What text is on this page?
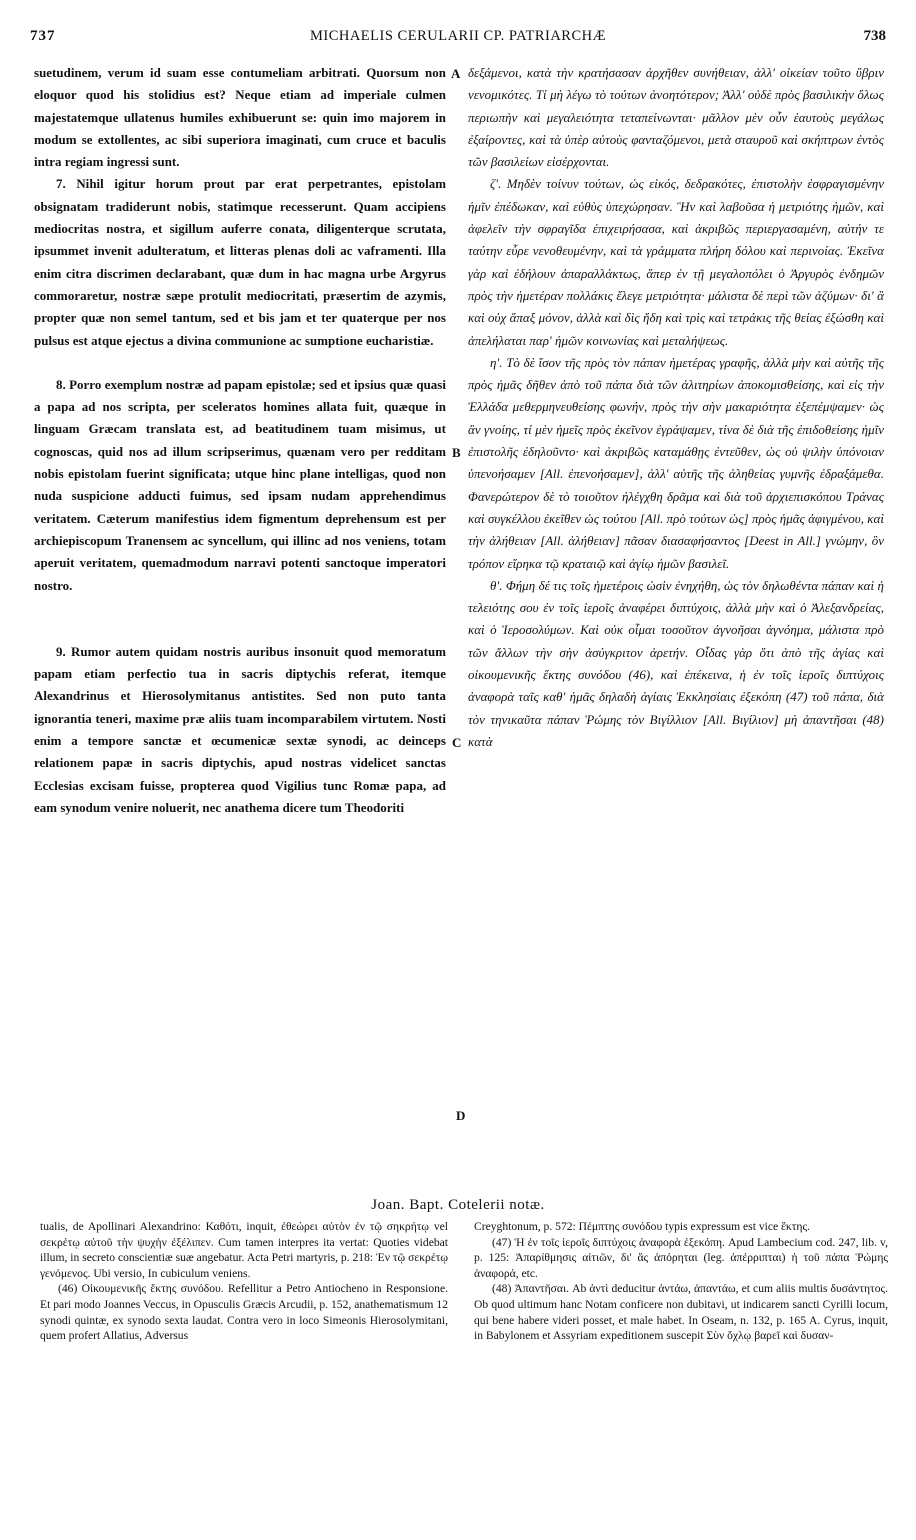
737	MICHAELIS CERULARII CP. PATRIARCHÆ	738

suetudinem, verum id suam esse contumeliam arbitrati. Quorsum non eloquor quod his stolidius est? Neque etiam ad imperiale culmen majestatemque ullatenus humiles exhibuerunt se: quin imo majorem in modum se extollentes, ac sibi superiora imaginati, cum cruce et baculis intra regiam ingressi sunt.

7. Nihil igitur horum prout par erat perpetrantes, epistolam obsignatam tradiderunt nobis, statimque recesserunt. Quam accipiens mediocritas nostra, et sigillum auferre conata, diligenterque scrutata, ipsummet invenit adulteratum, et litteras plenas doli ac vaframenti. Illa enim citra discrimen declarabant, quæ dum in hac magna urbe Argyrus commoraretur, nostræ sæpe protulit mediocritati, præsertim de azymis, propter quæ non semel tantum, sed et bis jam et ter quaterque per nos pulsus est atque ejectus a divina communione ac sumptione eucharistiæ.

8. Porro exemplum nostræ ad papam epistolæ; sed et ipsius quæ quasi a papa ad nos scripta, per sceleratos homines allata fuit, quæque in linguam Græcam translata est, ad beatitudinem tuam misimus, ut cognoscas, quid nos ad illum scripserimus, quænam vero per redditam nobis epistolam fuerint significata; utque hinc plane intelligas, quod non nuda suspicione adducti fuimus, sed ipsam nudam apprehendimus veritatem. Cæterum manifestius idem figmentum deprehensum est per archiepiscopum Tranensem ac syncellum, qui illinc ad nos veniens, totam aperuit veritatem, quemadmodum narravi potenti sanctoque imperatori nostro.

9. Rumor autem quidam nostris auribus insonuit quod memoratum papam etiam perfectio tua in sacris diptychis referat, itemque Alexandrinus et Hierosolymitanus antistites. Sed non puto tanta ignorantia teneri, maxime præ aliis tuam incomparabilem virtutem. Nosti enim a tempore sanctæ et œcumenicæ sextæ synodi, ac deinceps relationem papæ in sacris diptychis, apud nostras videlicet sanctas Ecclesias excisam fuisse, propterea quod Vigilius tunc Romæ papa, ad eam synodum venire noluerit, nec anathema dicere tum Theodoriti

A
B
C
D

δεξάμενοι, κατὰ τὴν κρατήσασαν ἀρχῆθεν συνήθειαν, ἀλλ' οἰκείαν τοῦτο ὕβριν νενομικότες. Τί μὴ λέγω τὸ τούτων ἀνοητότερον; Ἀλλ' οὐδὲ πρὸς βασιλικὴν ὅλως περιωπὴν καὶ μεγαλειότητα τεταπείνωνται· μᾶλλον μὲν οὖν ἑαυτοὺς μεγάλως ἐξαίροντες, καὶ τὰ ὑπὲρ αὐτοὺς φανταζόμενοι, μετὰ σταυροῦ καὶ σκήπτρων ἐντὸς τῶν βασιλείων εἰσέρχονται.

ζ'. Μηδὲν τοίνυν τούτων, ὡς εἰκός, δεδρακότες, ἐπιστολὴν ἐσφραγισμένην ἡμῖν ἐπέδωκαν, καὶ εὐθὺς ὑπεχώρησαν. Ἣν καὶ λαβοῦσα ἡ μετριότης ἡμῶν, καὶ ἀφελεῖν τὴν σφραγῖδα ἐπιχειρήσασα, καὶ ἀκριβῶς περιεργασαμένη, αὐτήν τε ταύτην εὗρε νενοθευμένην, καὶ τὰ γράμματα πλήρη δόλου καὶ περινοίας. Ἐκεῖνα γὰρ καὶ ἐδήλουν ἀπαραλλάκτως, ἅπερ ἐν τῇ μεγαλοπόλει ὁ Ἀργυρὸς ἐνδημῶν πρὸς τὴν ἡμετέραν πολλάκις ἔλεγε μετριότητα· μάλιστα δὲ περὶ τῶν ἀζύμων· δι' ἃ καὶ οὐχ ἅπαξ μόνον, ἀλλὰ καὶ δὶς ἤδη καὶ τρὶς καὶ τετράκις τῆς θείας ἐξώσθη καὶ ἀπελήλαται παρ' ἡμῶν κοινωνίας καὶ μεταλήψεως.

η'. Τὸ δὲ ἴσον τῆς πρὸς τὸν πάπαν ἡμετέρας γραφῆς, ἀλλὰ μὴν καὶ αὐτῆς τῆς πρὸς ἡμᾶς δῆθεν ἀπὸ τοῦ πάπα διὰ τῶν ἀλιτηρίων ἀποκομισθείσης, καὶ εἰς τὴν Ἑλλάδα μεθερμηνευθείσης φωνήν, πρὸς τὴν σὴν μακαριότητα ἐξεπέμψαμεν· ὡς ἂν γνοίης, τί μὲν ἡμεῖς πρὸς ἐκεῖνον ἐγράψαμεν, τίνα δὲ διὰ τῆς ἐπιδοθείσης ἡμῖν ἐπιστολῆς ἐδηλοῦντο· καὶ ἀκριβῶς καταμάθῃς ἐντεῦθεν, ὡς οὐ ψιλὴν ὑπόνοιαν ὑπενοήσαμεν [All. ἐπενοήσαμεν], ἀλλ' αὐτῆς τῆς ἀληθείας γυμνῆς ἐδραξάμεθα. Φανερώτερον δὲ τὸ τοιοῦτον ἠλέγχθη δρᾶμα καὶ διὰ τοῦ ἀρχιεπισκόπου Τράνας καὶ συγκέλλου ἐκεῖθεν ὡς τούτου [All. πρὸ τούτων ὡς] πρὸς ἡμᾶς ἀφιγμένου, καὶ τὴν ἀλήθειαν [All. ἀλήθειαν] πᾶσαν διασαφήσαντος [Deest in All.] γνώμην, ὃν τρόπον εἴρηκα τῷ κραταιῷ καὶ ἁγίῳ ἡμῶν βασιλεῖ.

θ'. Φήμη δέ τις τοῖς ἡμετέροις ὠσὶν ἐνηχήθη, ὡς τὸν δηλωθέντα πάπαν καὶ ἡ τελειότης σου ἐν τοῖς ἱεροῖς ἀναφέρει διπτύχοις, ἀλλὰ μὴν καὶ ὁ Ἀλεξανδρείας, καὶ ὁ Ἱεροσολύμων. Καὶ οὐκ οἶμαι τοσοῦτον ἀγνοῆσαι ἀγνόημα, μάλιστα πρὸ τῶν ἄλλων τὴν σὴν ἀσύγκριτον ἀρετήν. Οἶδας γὰρ ὅτι ἀπὸ τῆς ἁγίας καὶ οἰκουμενικῆς ἕκτης συνόδου (46), καὶ ἐπέκεινα, ἡ ἐν τοῖς ἱεροῖς διπτύχοις ἀναφορὰ ταῖς καθ' ἡμᾶς δηλαδὴ ἁγίαις Ἐκκλησίαις ἐξεκόπη (47) τοῦ πάπα, διὰ τὸν τηνικαῦτα πάπαν Ῥώμης τὸν Βιγίλλιον [All. Βιγίλιον] μὴ ἀπαντῆσαι (48) κατὰ

Joan. Bapt. Cotelerii notæ.

tualis, de Apollinari Alexandrino: Καθότι, inquit, ἐθεώρει αὐτὸν ἐν τῷ σηκρήτῳ vel σεκρέτῳ αὐτοῦ τὴν ψυχὴν ἐξέλιπεν. Cum tamen interpres ita vertat: Quoties videbat illum, in secreto conscientiæ suæ angebatur. Acta Petri martyris, p. 218: Ἐν τῷ σεκρέτῳ γενόμενος. Ubi versio, In cubiculum veniens.

(46) Οἰκουμενικῆς ἕκτης συνόδου. Refellitur a Petro Antiocheno in Responsione. Et pari modo Joannes Veccus, in Opusculis Græcis Arcudii, p. 152, anathematismum 12 synodi quintæ, ex synodo sexta laudat. Contra vero in loco Simeonis Hierosolymitani, quem profert Allatius, Adversus

Creyghtonum, p. 572: Πέμπτης συνόδου typis expressum est vice ἕκτης.

(47) Ἡ ἐν τοῖς ἱεροῖς διπτύχοις ἀναφορὰ ἐξεκόπη. Apud Lambecium cod. 247, lib. v, p. 125: Ἀπαρίθμησις αἰτιῶν, δι' ἃς ἀπόρηται (leg. ἀπέρριπται) ἡ τοῦ πάπα Ῥώμης ἀναφορά, etc.

(48) Ἀπαντῆσαι. Ab ἀντὶ deducitur ἀντάω, ἀπαντάω, et cum aliis multis δυσάντητος. Ob quod ultimum hanc Notam conficere non dubitavi, ut indicarem sancti Cyrilli locum, qui bene habere videri posset, et male habet. In Oseam, n. 132, p. 165 A. Cyrus, inquit, in Babylonem et Assyriam expeditionem suscepit Σὺν ὄχλῳ βαρεῖ καὶ δυσαν-
